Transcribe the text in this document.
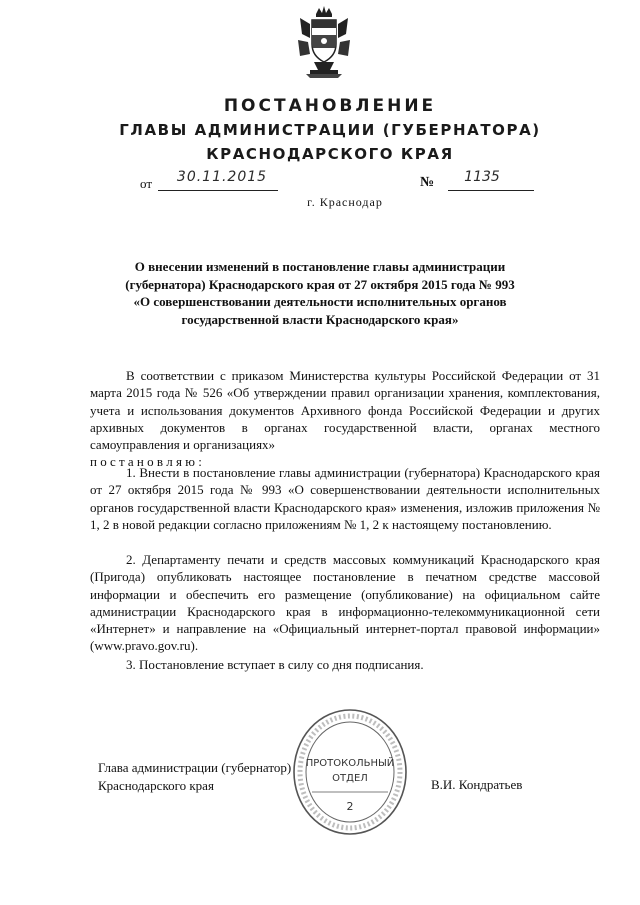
ПОСТАНОВЛЕНИЕ
ГЛАВЫ АДМИНИСТРАЦИИ (ГУБЕРНАТОРА)
КРАСНОДАРСКОГО КРАЯ
от	30.11.2015	№	1135
г. Краснодар
О внесении изменений в постановление главы администрации
(губернатора) Краснодарского края от 27 октября 2015 года № 993
«О совершенствовании деятельности исполнительных органов
государственной власти Краснодарского края»

В соответствии с приказом Министерства культуры Российской Федерации от 31 марта 2015 года № 526 «Об утверждении правил организации хранения, комплектования, учета и использования документов Архивного фонда Российской Федерации и других архивных документов в органах государственной власти, органах местного самоуправления и организациях»

п о с т а н о в л я ю :

1. Внести в постановление главы администрации (губернатора) Краснодарского края от 27 октября 2015 года № 993 «О совершенствовании деятельности исполнительных органов государственной власти Краснодарского края» изменения, изложив приложения № 1, 2 в новой редакции согласно приложениям № 1, 2 к настоящему постановлению.

2. Департаменту печати и средств массовых коммуникаций Краснодарского края (Пригода) опубликовать настоящее постановление в печатном средстве массовой информации и обеспечить его размещение (опубликование) на официальном сайте администрации Краснодарского края в информационно-телекоммуникационной сети «Интернет» и направление на «Официальный интернет-портал правовой информации» (www.pravo.gov.ru).

3. Постановление вступает в силу со дня подписания.

Глава администрации (губернатор)
Краснодарского края	В.И. Кондратьев
ПРОТОКОЛЬНЫЙ
ОТДЕЛ
2
